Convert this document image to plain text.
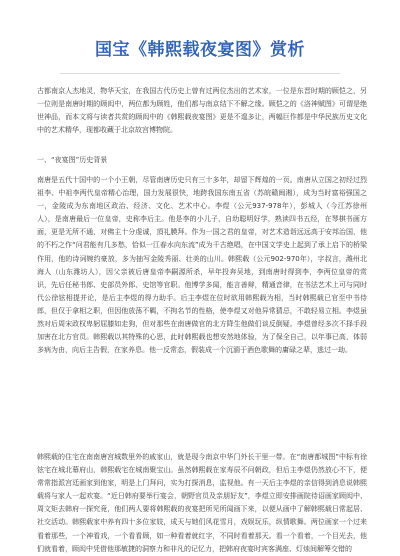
国宝《韩熙载夜宴图》赏析

古都南京人杰地灵，物华天宝，在我国古代历史上曾有过两位杰出的艺术家，一位是东晋时期的顾恺之，另一位则是南唐时期的顾闳中，两位都为顾姓，他们都与南京结下不解之缘。顾恺之的《洛神赋图》可谓是绝世神品，而本文将与读者共赏的顾闳中的《韩熙载夜宴图》更是不遑多让，两幅巨作都是中华民族历史文化中的艺术精华，现都收藏于北京故宫博物院。

一、“夜宴图”历史背景

南唐是五代十国中的一个小王朝，尽管南唐历史只有三十多年，却留下辉煌的一页。南唐从立国之初经过烈祖李、中祖李两代皇帝精心治理，国力发展很快，地跨我国东南五省（苏皖赣闽湘），成为当时富裕强国之一，金陵成为东南地区政治、经济、文化、艺术中心。李煜（公元937-978年），彭城人（今江苏徐州人），是南唐最后一位皇帝，史称李后主。他是李的小儿子，自幼聪明好学，熟读四书五经，在琴棋书画方面，更是无所不通，对佛主十分虔诚，頂礼膜拜。作为一国之君的皇帝，对艺术造诣远远高于安邦治国，他的不朽之作“问君能有几多愁，恰似一江春水向东流”成为千古绝唱，在中国文学史上起到了承上启下的桥梁作用，他的诗词婉约豪放，多为抽写金陵秀丽、壮美的山川。韩熙载（公元902-970年），字叔言，潍州北海人（山东潍坊人），因父亲被后唐皇帝李嗣源所杀，早年投奔吴地，到南唐时得到李，李两位皇帝的赏识，先后任秘书郎、史部员外郎、史馆等官职。他博学多闻，能言善辩，精通音律，在书法艺术上可与同时代公徐铉相提并论，是后主李煜的得力助手。后主李煜在位时欲用韩熙载为相，当时韩熙载已官至中书侍郎，但仅于拿相之职，但因他放荡不羁，不拘名节的性格，使李煜又对他异常猜忌，不敢轻易立相。李煜虽然对后周宋政权卑躬屈膝如走狗，但对那些在南唐做官的北方降生他做们谈反倒疑。李煜曾经多次不择手段加害在北方官员。韩熙载以其特殊的心思，此时韩熙载也想安然地体验，为了保全自己，以年事已高，体弱多病为由，向后主告假，在家养息。他一反常态，假装成一个沉湎于酒色歌舞的庸碌之辈，逃过一劫。

韩熙载的住宅在南南唐宫城数里外的戚家山，就是现今南京中华门外长干里一带。在“南唐都城图”中标有徐铉宅在城北幕府山，韩熙载宅在城南聚宝山。虽然韩熙载在家寿辰不问朝政，但后主李煜仍然放心不下，便常常指派宫廷画家到他家，明是上门拜问，实为打探消息，监视他。有一天后主李煜的亲信得到消息说韩熙载将与家人一起欢宴。“近日韩府要举行宴会，朝野官员及亲朋好友”，李煜立即安排画院待诏画家顾闳中、周文矩去韩府一探究竟，他们两人要将韩熙载的夜宴把所见所闻画下来，以便从画中了解韩熙载日常起居、社交活动。韩熙载家中养有四十多位家妓，成天与她们风花雪月，戏娱玩乐，纵情歌舞。两位画家一个过来看着那些，一个神看戏，一个看看顾，如一种看着就红字，不同时看着那天。看一个看着，一个目光去，他们就看着，顾闳中凭借他那敏捷的洞察力和非凡的记忆力，把韩府夜宴时宾客满座、灯烛间解筹交错的
